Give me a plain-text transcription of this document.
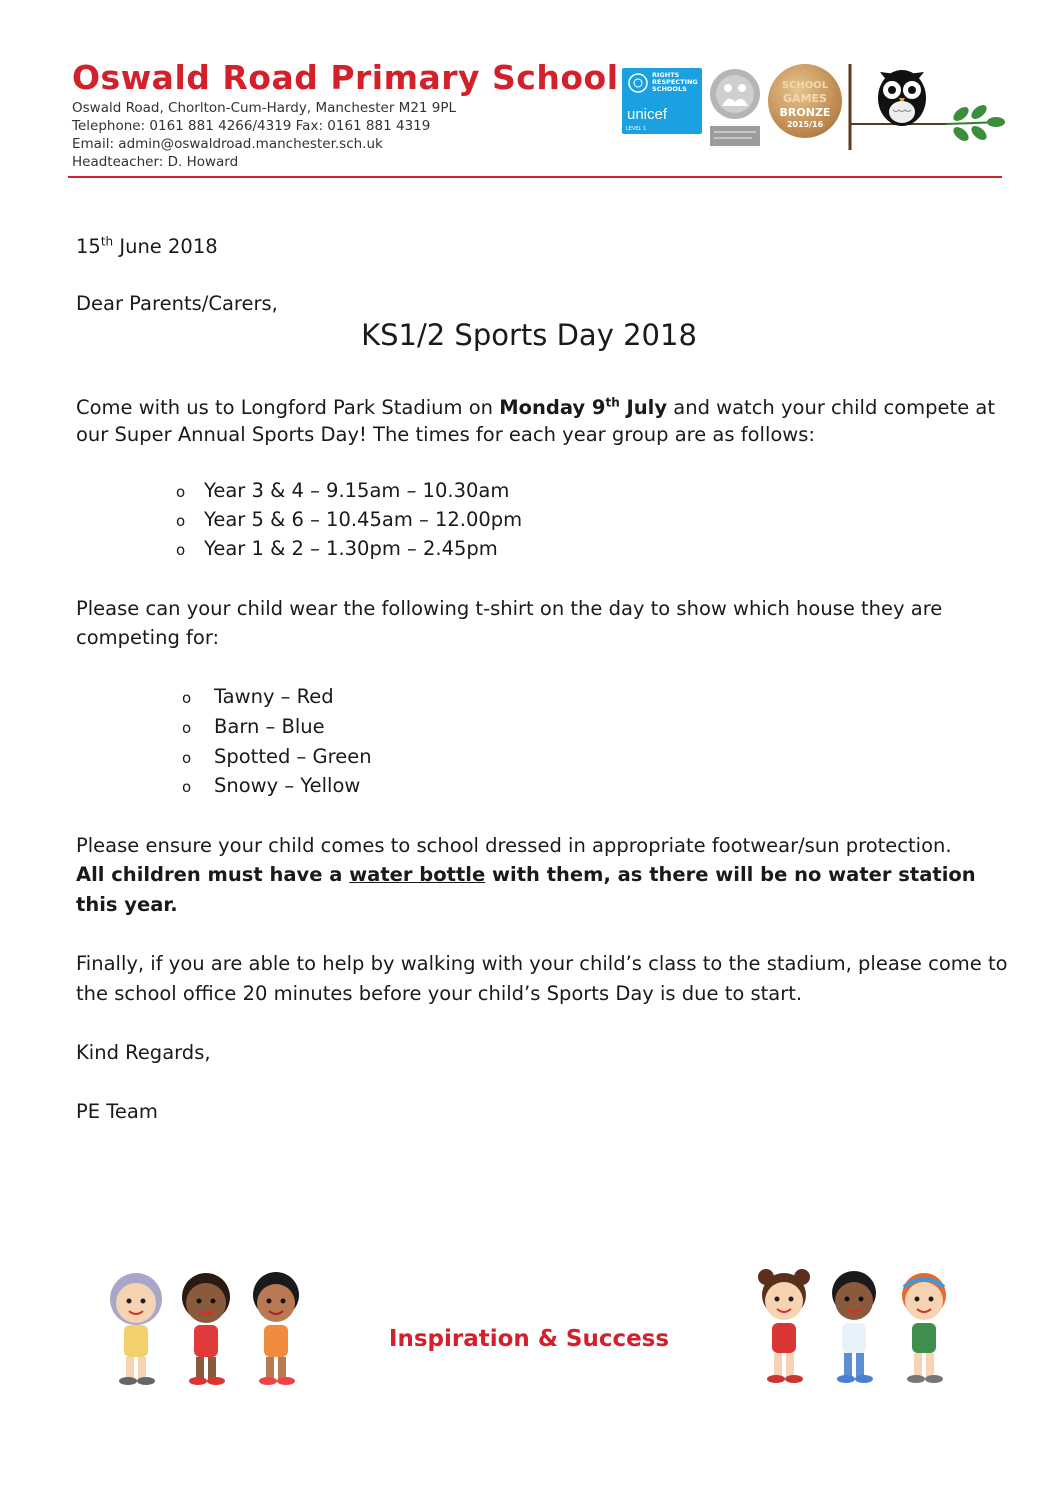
Oswald Road Primary School
Oswald Road, Chorlton-Cum-Hardy, Manchester M21 9PL
Telephone: 0161 881 4266/4319 Fax: 0161 881 4319
Email: admin@oswaldroad.manchester.sch.uk
Headteacher: D. Howard
RIGHTS RESPECTING SCHOOLS
unicef
LEVEL 1
SCHOOL
GAMES
BRONZE
2015/16
15th June 2018
Dear Parents/Carers,
KS1/2 Sports Day 2018
Come with us to Longford Park Stadium on Monday 9th July and watch your child compete at
our Super Annual Sports Day! The times for each year group are as follows:
o Year 3 & 4 – 9.15am – 10.30am
o Year 5 & 6 – 10.45am – 12.00pm
o Year 1 & 2 – 1.30pm – 2.45pm
Please can your child wear the following t-shirt on the day to show which house they are
competing for:
o Tawny – Red
o Barn – Blue
o Spotted – Green
o Snowy – Yellow
Please ensure your child comes to school dressed in appropriate footwear/sun protection.
All children must have a water bottle with them, as there will be no water station
this year.
Finally, if you are able to help by walking with your child’s class to the stadium, please come to
the school office 20 minutes before your child’s Sports Day is due to start.
Kind Regards,
PE Team
Inspiration & Success
